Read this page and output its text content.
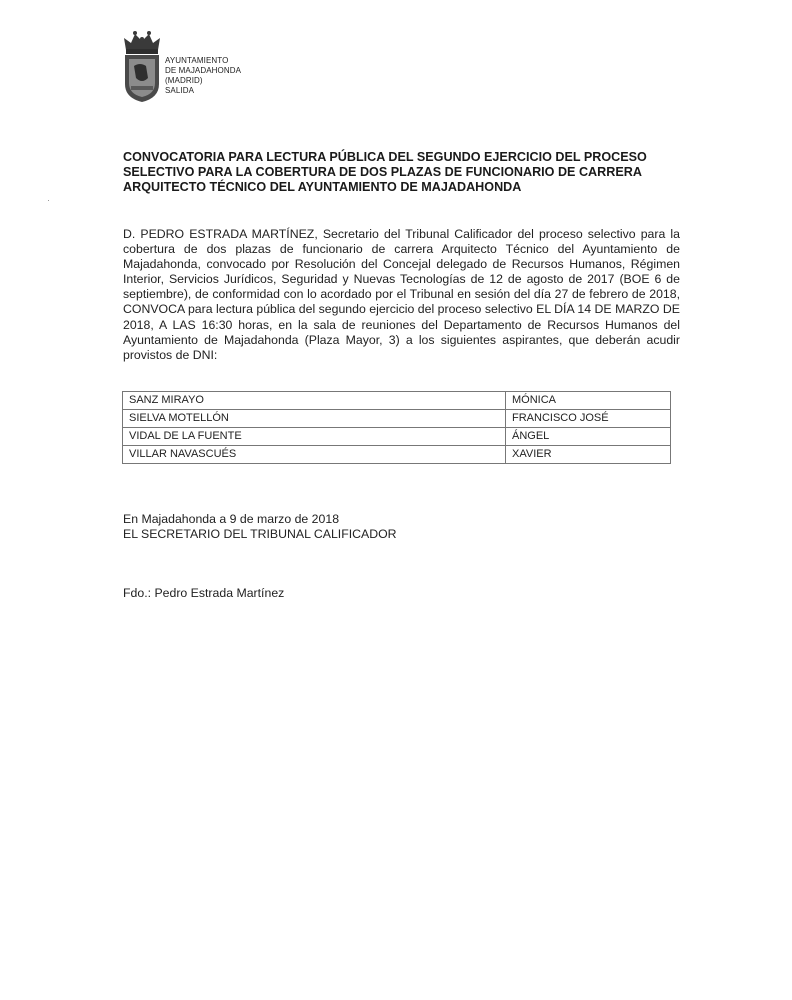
AYUNTAMIENTO
DE MAJADAHONDA
(MADRID)
SALIDA
CONVOCATORIA PARA LECTURA PÚBLICA DEL SEGUNDO EJERCICIO DEL PROCESO
SELECTIVO PARA LA COBERTURA DE DOS PLAZAS DE FUNCIONARIO DE CARRERA
ARQUITECTO TÉCNICO DEL AYUNTAMIENTO DE MAJADAHONDA
D. PEDRO ESTRADA MARTÍNEZ, Secretario del Tribunal Calificador del proceso selectivo para la cobertura de dos plazas de funcionario de carrera Arquitecto Técnico del Ayuntamiento de Majadahonda, convocado por Resolución del Concejal delegado de Recursos Humanos, Régimen Interior, Servicios Jurídicos, Seguridad y Nuevas Tecnologías de 12 de agosto de 2017 (BOE 6 de septiembre), de conformidad con lo acordado por el Tribunal en sesión del día 27 de febrero de 2018, CONVOCA para lectura pública del segundo ejercicio del proceso selectivo EL DÍA 14 DE MARZO DE 2018, A LAS 16:30 horas, en la sala de reuniones del Departamento de Recursos Humanos del Ayuntamiento de Majadahonda (Plaza Mayor, 3) a los siguientes aspirantes, que deberán acudir provistos de DNI:
SANZ MIRAYO	MÓNICA
SIELVA MOTELLÓN	FRANCISCO JOSÉ
VIDAL DE LA FUENTE	ÁNGEL
VILLAR NAVASCUÉS	XAVIER
En Majadahonda a 9 de marzo de 2018
EL SECRETARIO DEL TRIBUNAL CALIFICADOR
Fdo.: Pedro Estrada Martínez
